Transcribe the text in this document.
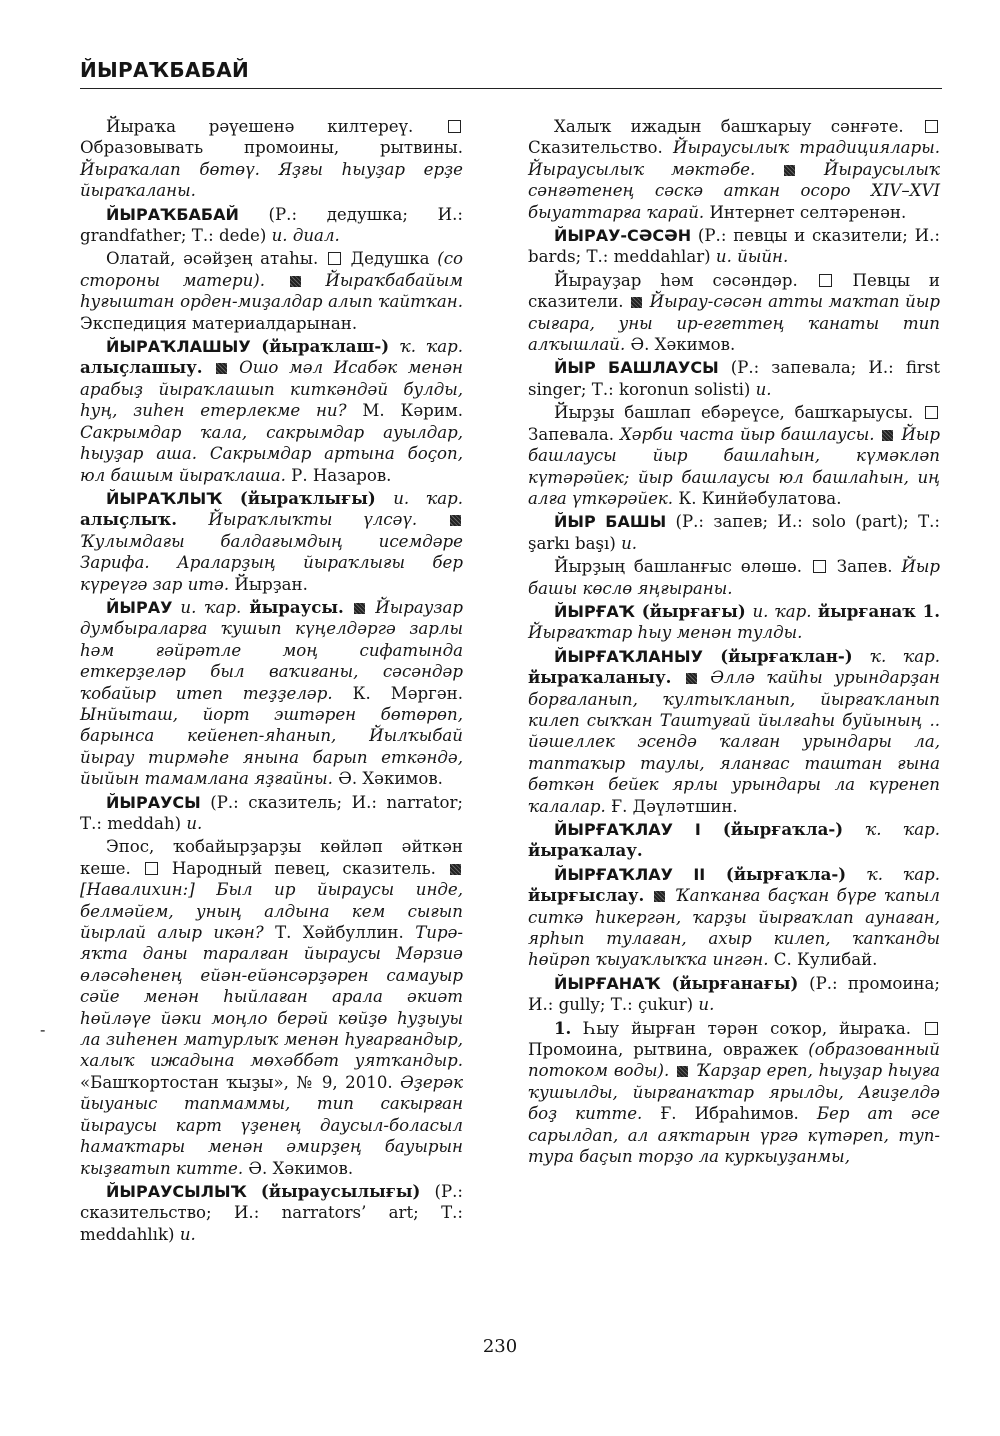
ЙЫРАҠБАБАЙ

Йыраҡа рәүешенә килтереү.  Образовывать промоины, рытвины. Йыраҡалап бөтөү. Яҙғы һыуҙар ерҙе йыраҡаланы.

ЙЫРАҠБАБАЙ (Р.: дедушка; И.: grandfather; Т.: dede) и. диал.

Олатай, әсәйҙең атаһы.  Дедушка (со стороны матери).  Йыраҡбабайым һуғыштан орден-миҙалдар алып ҡайтҡан. Экспедиция материалдарынан.

ЙЫРАҠЛАШЫУ (йыраҡлаш-) ҡ. ҡар. алыҫлашыу.  Ошо мәл Исабәк менән арабыҙ йыраҡлашып киткәндәй булды, һуң, зиһен етерлекме ни? М. Кәрим. Сакрымдар ҡала, сакрымдар ауылдар, һыуҙар аша. Сакрымдар артына боҫоп, юл башым йыраҡлаша. Р. Назаров.

ЙЫРАҠЛЫҠ (йыраҡлығы) и. ҡар. алыҫлыҡ. Йыраҡлыҡты үлсәү.  Ҡулымдағы балдағымдың исемдәре Зарифа. Араларҙың йыраҡлығы бер күреүгә зар итә. Йырҙан.

ЙЫРАУ и. ҡар. йыраусы.  Йыраузар думбыраларға ҡушып күңелдәргә зарлы һәм ғәйрәтле моң сифатында еткерҙеләр был ваҡиғаны, сәсәндәр ҡобайыр итеп теҙҙеләр. К. Мәргән. Ынйыташ, йорт эштәрен бөтөрөп, барынса кейенеп-яһанып, Йылҡыбай йырау тирмәһе янына барып еткәндә, йыйын тамамлана яҙғайны. Ә. Хәкимов.

ЙЫРАУСЫ (Р.: сказитель; И.: narrator; Т.: meddah) и.

Эпос, ҡобайырҙарҙы көйләп әйткән кеше.  Народный певец, сказитель.  [Навалихин:] Был ир йыраусы инде, белмәйем, уның алдына кем сығып йырлай алыр икән? Т. Хәйбуллин. Тирә-яҡта даны таралған йыраусы Мәрзиә өләсәһенең ейән-ейәнсәрҙәрен самауыр сәйе менән һыйлаған арала әкиәт һөйләүе йәки моңло берәй көйҙө һуҙыуы ла зиһенен матурлыҡ менән һуғарғандыр, халыҡ ижадына мөхәббәт уятҡандыр. «Башҡортостан ҡыҙы», № 9, 2010. Әҙерәк йыуаныс тапмаммы, тип сакырған йыраусы карт үҙенең даусыл-боласыл һамаҡтары менән әмирҙең бауырын кыҙғатып китте. Ә. Хәкимов.

ЙЫРАУСЫЛЫҠ (йыраусылығы) (Р.: сказительство; И.: narrators’ art; Т.: meddahlık) и.

Халыҡ ижадын башҡарыу сәнғәте.  Сказительство. Йыраусылыҡ традициялары. Йыраусылыҡ мәктәбе.  Йыраусылыҡ сәнғәтенең сәскә аткан осоро XIV–XVI быуаттарға ҡарай. Интернет селтәренән.

ЙЫРАУ-СӘСӘН (Р.: певцы и сказители; И.: bards; Т.: meddahlar) и. йыйн.

Йырауҙар һәм сәсәндәр.  Певцы и сказители.  Йырау-сәсән атты маҡтап йыр сығара, уны ир-егеттең ҡанаты тип алҡышлай. Ә. Хәкимов.

ЙЫР БАШЛАУСЫ (Р.: запевала; И.: first singer; Т.: koronun solisti) и.

Йырҙы башлап ебәреүсе, башҡарыусы.  Запевала. Хәрби часта йыр башлаусы.  Йыр башлаусы йыр башлаһын, күмәкләп күтәрәйек; йыр башлаусы юл башлаһын, иң алға үткәрәйек. К. Кинйәбулатова.

ЙЫР БАШЫ (Р.: запев; И.: solo (part); Т.: şarkı başı) и.

Йырҙың башланғыс өлөшө.  Запев. Йыр башы көслө яңғыраны.

ЙЫРҒАҠ (йырғағы) и. ҡар. йырғанаҡ 1. Йырғаҡтар һыу менән тулды.

ЙЫРҒАҠЛАНЫУ (йырғаҡлан-) ҡ. ҡар. йыраҡаланыу.  Әллә ҡайһы урындарҙан борғаланып, ҡултыҡланып, йырғаҡланып килеп сыҡҡан Таштуғай йылғаһы буйының .. йәшеллек эсендә ҡалған урындары ла, таптаҡыр таулы, яланғас таштан ғына бөткән бейек ярлы урындары ла күренеп ҡалалар. Ғ. Дәүләтшин.

ЙЫРҒАҠЛАУ I (йырғаҡла-) ҡ. ҡар. йыраҡалау.

ЙЫРҒАҠЛАУ II (йырғаҡла-) ҡ. ҡар. йырғыслау.  Ҡапҡанға баҫҡан бүре ҡапыл ситкә һикергән, ҡарҙы йырғаҡлап аунаған, ярһып тулаған, ахыр килеп, ҡапҡанды һөйрәп ҡыуаҡлыҡҡа ингән. С. Кулибай.

ЙЫРҒАНАҠ (йырғанағы) (Р.: промоина; И.: gully; Т.: çukur) и.

1. Һыу йырған тәрән соҡор, йыраҡа.  Промоина, рытвина, овражек (образованный потоком воды).  Ҡарҙар ереп, һыуҙар һыуға ҡушылды, йырғанаҡтар ярылды, Ағиҙелдә боҙ китте. Ғ. Ибраһимов. Бер ат әсе сарылдап, ал аяҡтарын үргә күтәреп, туп-тура баҫып торҙо ла куркыуҙанмы,

-
230
